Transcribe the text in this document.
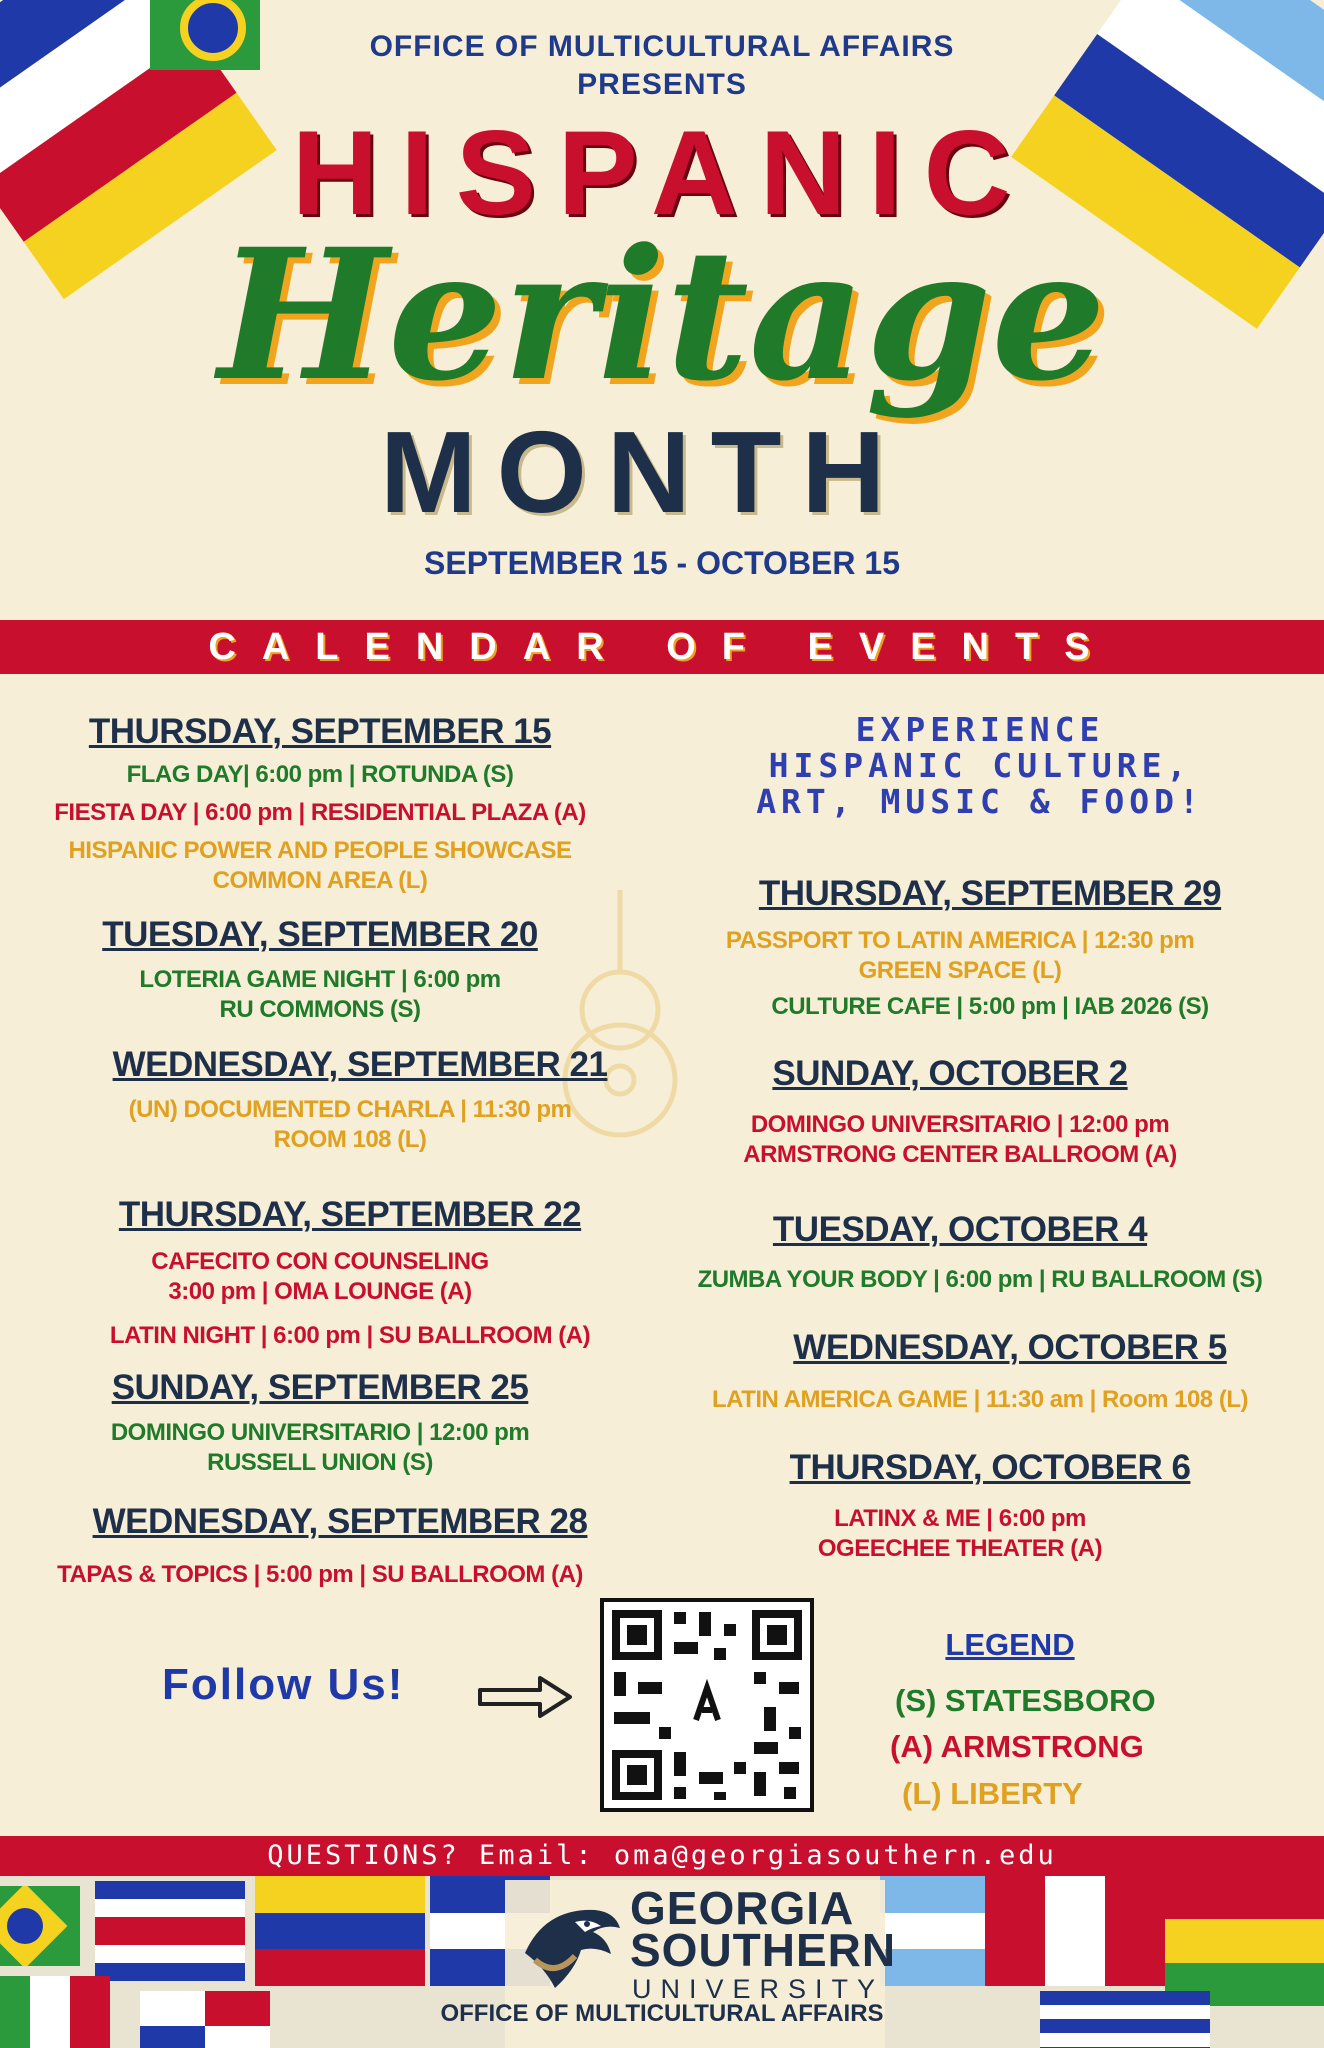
OFFICE OF MULTICULTURAL AFFAIRS
PRESENTS
HISPANIC
Heritage
MONTH
SEPTEMBER 15 - OCTOBER 15
CALENDAR OF EVENTS
THURSDAY, SEPTEMBER 15
FLAG DAY| 6:00 pm | ROTUNDA (S)
FIESTA DAY | 6:00 pm | RESIDENTIAL PLAZA (A)
HISPANIC POWER AND PEOPLE SHOWCASE
COMMON AREA (L)
TUESDAY, SEPTEMBER 20
LOTERIA GAME NIGHT | 6:00 pm
RU COMMONS (S)
WEDNESDAY, SEPTEMBER 21
(UN) DOCUMENTED CHARLA | 11:30 pm
ROOM 108 (L)
THURSDAY, SEPTEMBER 22
CAFECITO CON COUNSELING
3:00 pm | OMA LOUNGE (A)
LATIN NIGHT | 6:00 pm | SU BALLROOM (A)
SUNDAY, SEPTEMBER 25
DOMINGO UNIVERSITARIO | 12:00 pm
RUSSELL UNION (S)
WEDNESDAY, SEPTEMBER 28
TAPAS & TOPICS | 5:00 pm | SU BALLROOM (A)
EXPERIENCE
HISPANIC CULTURE,
ART, MUSIC & FOOD!
THURSDAY, SEPTEMBER 29
PASSPORT TO LATIN AMERICA | 12:30 pm
GREEN SPACE (L)
CULTURE CAFE | 5:00 pm | IAB 2026 (S)
SUNDAY, OCTOBER 2
DOMINGO UNIVERSITARIO | 12:00 pm
ARMSTRONG CENTER BALLROOM (A)
TUESDAY, OCTOBER 4
ZUMBA YOUR BODY | 6:00 pm | RU BALLROOM (S)
WEDNESDAY, OCTOBER 5
LATIN AMERICA GAME | 11:30 am | Room 108 (L)
THURSDAY, OCTOBER 6
LATINX & ME | 6:00 pm
OGEECHEE THEATER (A)
Follow Us!
LEGEND
(S) STATESBORO
(A) ARMSTRONG
(L) LIBERTY
QUESTIONS? Email: oma@georgiasouthern.edu
GEORGIA
SOUTHERN
UNIVERSITY
OFFICE OF MULTICULTURAL AFFAIRS
